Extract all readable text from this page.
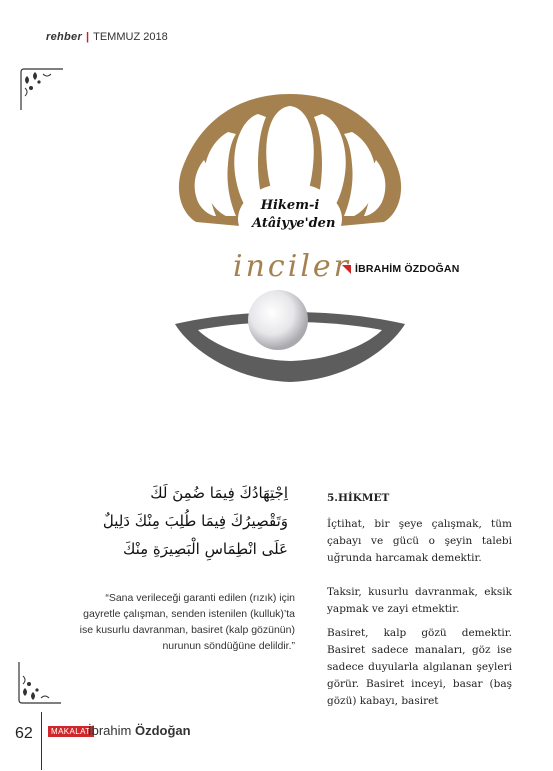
rehber | TEMMUZ 2018
Hikem-i
Atâiyye'den
inciler İBRAHİM ÖZDOĞAN
اِجْتِهَادُكَ فِيمَا ضُمِنَ لَكَ
وَتَقْصِيرُكَ فِيمَا طُلِبَ مِنْكَ دَلِيلٌ
عَلَى انْطِمَاسِ الْبَصِيرَةِ مِنْكَ
“Sana verileceği garanti edilen (rızık) için gayretle çalışman, senden istenilen (kulluk)’ta ise kusurlu davranman, basiret (kalp gözünün) nurunun söndüğüne delildir.”
5.HİKMET
İçtihat, bir şeye çalışmak, tüm çabayı ve gücü o şeyin talebi uğrunda harcamak demektir.
Taksir, kusurlu davranmak, eksik yapmak ve zayi etmektir.
Basiret, kalp gözü demektir. Basiret sadece manaları, göz ise sadece duyularla algılanan şeyleri görür. Basiret inceyi, basar (baş gözü) kabayı, basiret
62	MAKALAT
İbrahim Özdoğan
